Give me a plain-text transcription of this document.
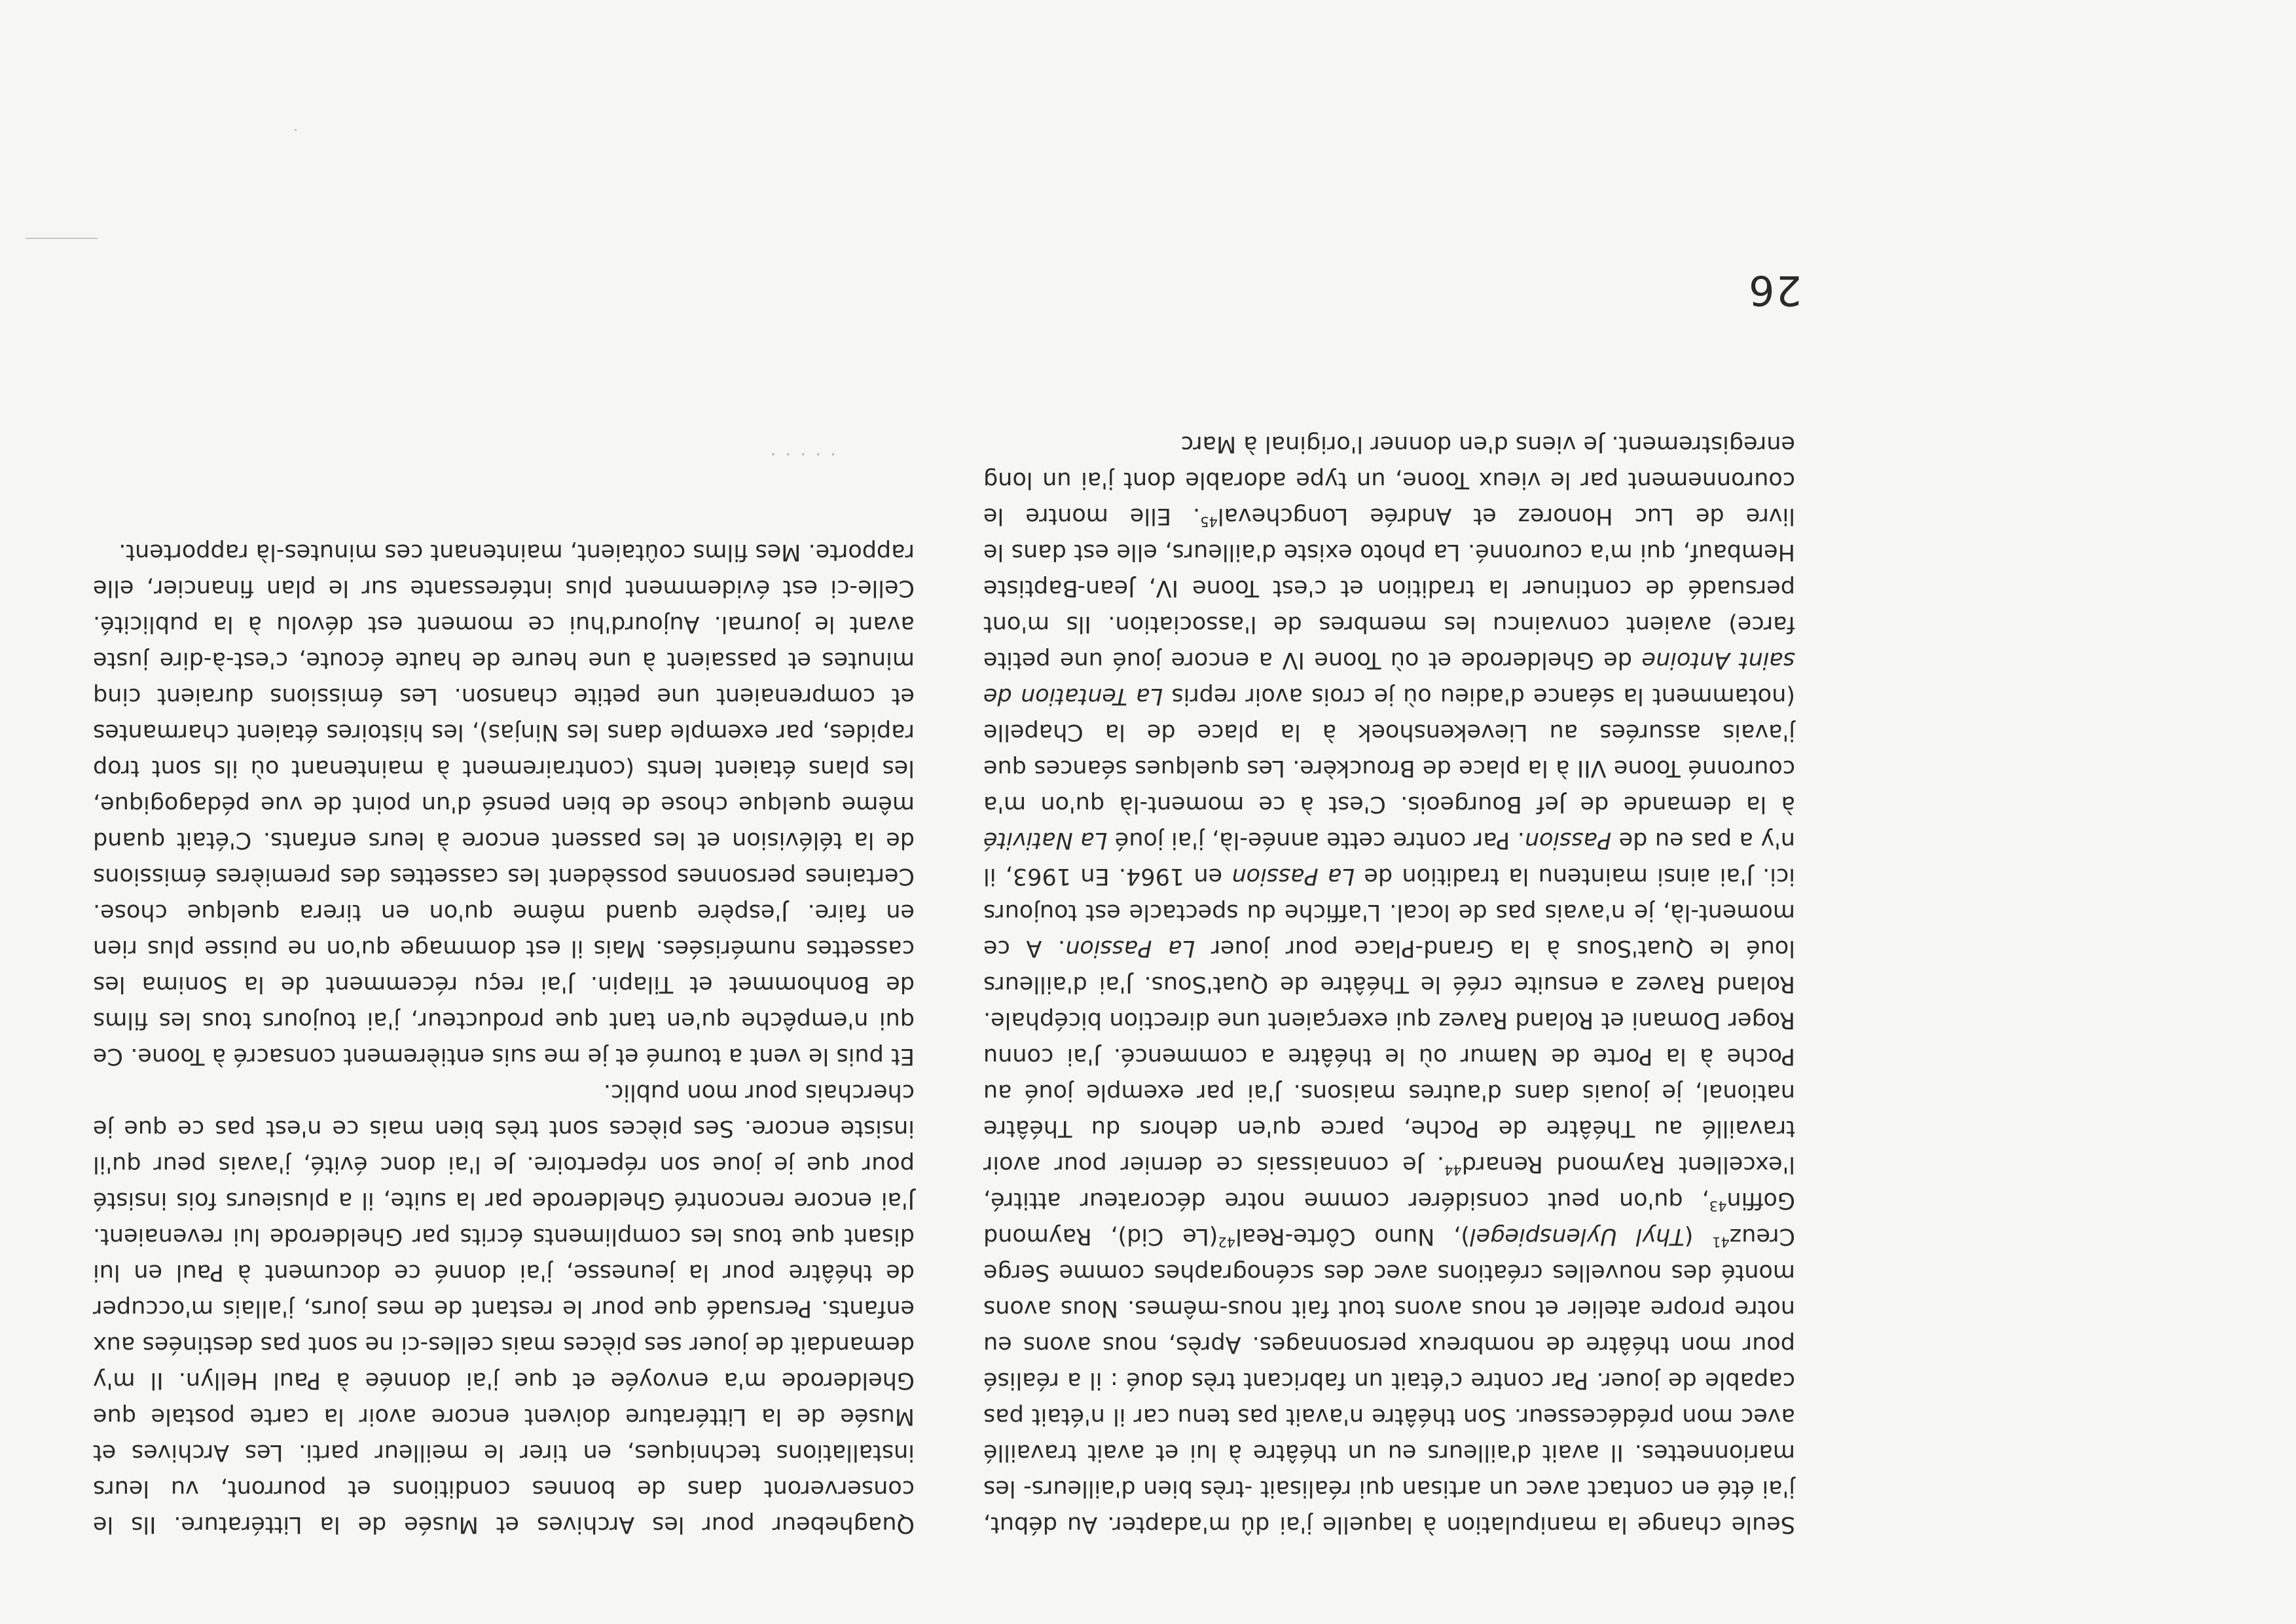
Seule change la manipulation à laquelle j'ai dû m'adapter. Au début, j'ai été en contact avec un artisan qui réalisait -très bien d'ailleurs- les marionnettes. Il avait d'ailleurs eu un théâtre à lui et avait travaillé avec mon prédécesseur. Son théâtre n'avait pas tenu car il n'était pas capable de jouer. Par contre c'était un fabricant très doué : il a réalisé pour mon théâtre de nombreux personnages. Après, nous avons eu notre propre atelier et nous avons tout fait nous-mêmes. Nous avons monté des nouvelles créations avec des scénographes comme Serge Creuz$^{41}$ (Thyl Uylenspiegel), Nuno Côrte-Real$^{42}$(Le Cid), Raymond Goffin$^{43}$, qu'on peut considérer comme notre décorateur attitré, l'excellent Raymond Renard$^{44}$. Je connaissais ce dernier pour avoir travaillé au Théâtre de Poche, parce qu'en dehors du Théâtre national, je jouais dans d'autres maisons. J'ai par exemple joué au Poche à la Porte de Namur où le théâtre a commencé. J'ai connu Roger Domani et Roland Ravez qui exerçaient une direction bicéphale. Roland Ravez a ensuite créé le Théâtre de Quat'Sous. J'ai d'ailleurs loué le Quat'Sous à la Grand-Place pour jouer La Passion. A ce moment-là, je n'avais pas de local. L'affiche du spectacle est toujours ici. J'ai ainsi maintenu la tradition de La Passion en 1964. En 1963, il n'y a pas eu de Passion. Par contre cette année-là, j'ai joué La Nativité à la demande de Jef Bourgeois. C'est à ce moment-là qu'on m'a couronné Toone VII à la place de Brouckère. Les quelques séances que j'avais assurées au Lievekenshoek à la place de la Chapelle (notamment la séance d'adieu où je crois avoir repris La Tentation de saint Antoine de Ghelderode et où Toone IV a encore joué une petite farce) avaient convaincu les membres de l'association. Ils m'ont persuadé de continuer la tradition et c'est Toone IV, Jean-Baptiste Hembauf, qui m'a couronné. La photo existe d'ailleurs, elle est dans le livre de Luc Honorez et Andrée Longcheval$^{45}$. Elle montre le couronnement par le vieux Toone, un type adorable dont j'ai un long enregistrement. Je viens d'en donner l'original à Marc

26

Quaghebeur pour les Archives et Musée de la Littérature. Ils le conserveront dans de bonnes conditions et pourront, vu leurs installations techniques, en tirer le meilleur parti. Les Archives et Musée de la Littérature doivent encore avoir la carte postale que Ghelderode m'a envoyée et que j'ai donnée à Paul Hellyn. Il m'y demandait de jouer ses pièces mais celles-ci ne sont pas destinées aux enfants. Persuadé que pour le restant de mes jours, j'allais m'occuper de théâtre pour la jeunesse, j'ai donné ce document à Paul en lui disant que tous les compliments écrits par Ghelderode lui revenaient. J'ai encore rencontré Ghelderode par la suite, il a plusieurs fois insisté pour que je joue son répertoire. Je l'ai donc évité, j'avais peur qu'il insiste encore. Ses pièces sont très bien mais ce n'est pas ce que je cherchais pour mon public.

Et puis le vent a tourné et je me suis entièrement consacré à Toone. Ce qui n'empêche qu'en tant que producteur, j'ai toujours tous les films de Bonhommet et Tilapin. J'ai reçu récemment de la Sonima les cassettes numérisées. Mais il est dommage qu'on ne puisse plus rien en faire. J'espère quand même qu'on en tirera quelque chose. Certaines personnes possèdent les cassettes des premières émissions de la télévision et les passent encore à leurs enfants. C'était quand même quelque chose de bien pensé d'un point de vue pédagogique, les plans étaient lents (contrairement à maintenant où ils sont trop rapides, par exemple dans les Ninjas), les histoires étaient charmantes et comprenaient une petite chanson. Les émissions duraient cinq minutes et passaient à une heure de haute écoute, c'est-à-dire juste avant le journal. Aujourd'hui ce moment est dévolu à la publicité. Celle-ci est évidemment plus intéressante sur le plan financier, elle rapporte. Mes films coûtaient, maintenant ces minutes-là rapportent.

·····
